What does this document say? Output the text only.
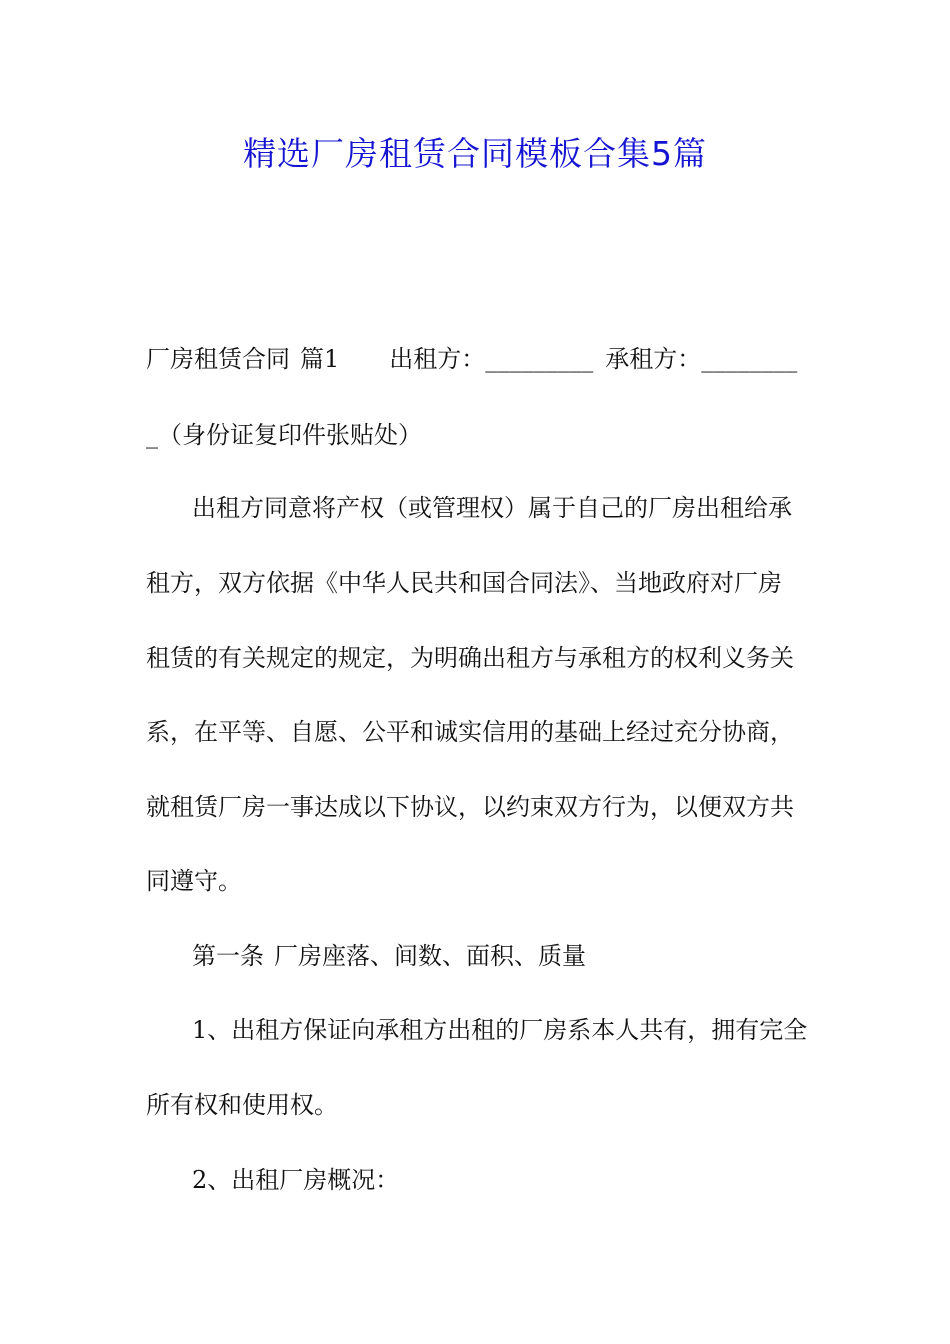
精选厂房租赁合同模板合集5篇

厂房租赁合同 篇1 出租方：_________ 承租方：________

_（身份证复印件张贴处）

出租方同意将产权（或管理权）属于自己的厂房出租给承

租方，双方依据《中华人民共和国合同法》、当地政府对厂房

租赁的有关规定的规定，为明确出租方与承租方的权利义务关

系，在平等、自愿、公平和诚实信用的基础上经过充分协商，

就租赁厂房一事达成以下协议，以约束双方行为，以便双方共

同遵守。

第一条 厂房座落、间数、面积、质量

1、出租方保证向承租方出租的厂房系本人共有，拥有完全

所有权和使用权。

2、出租厂房概况：
